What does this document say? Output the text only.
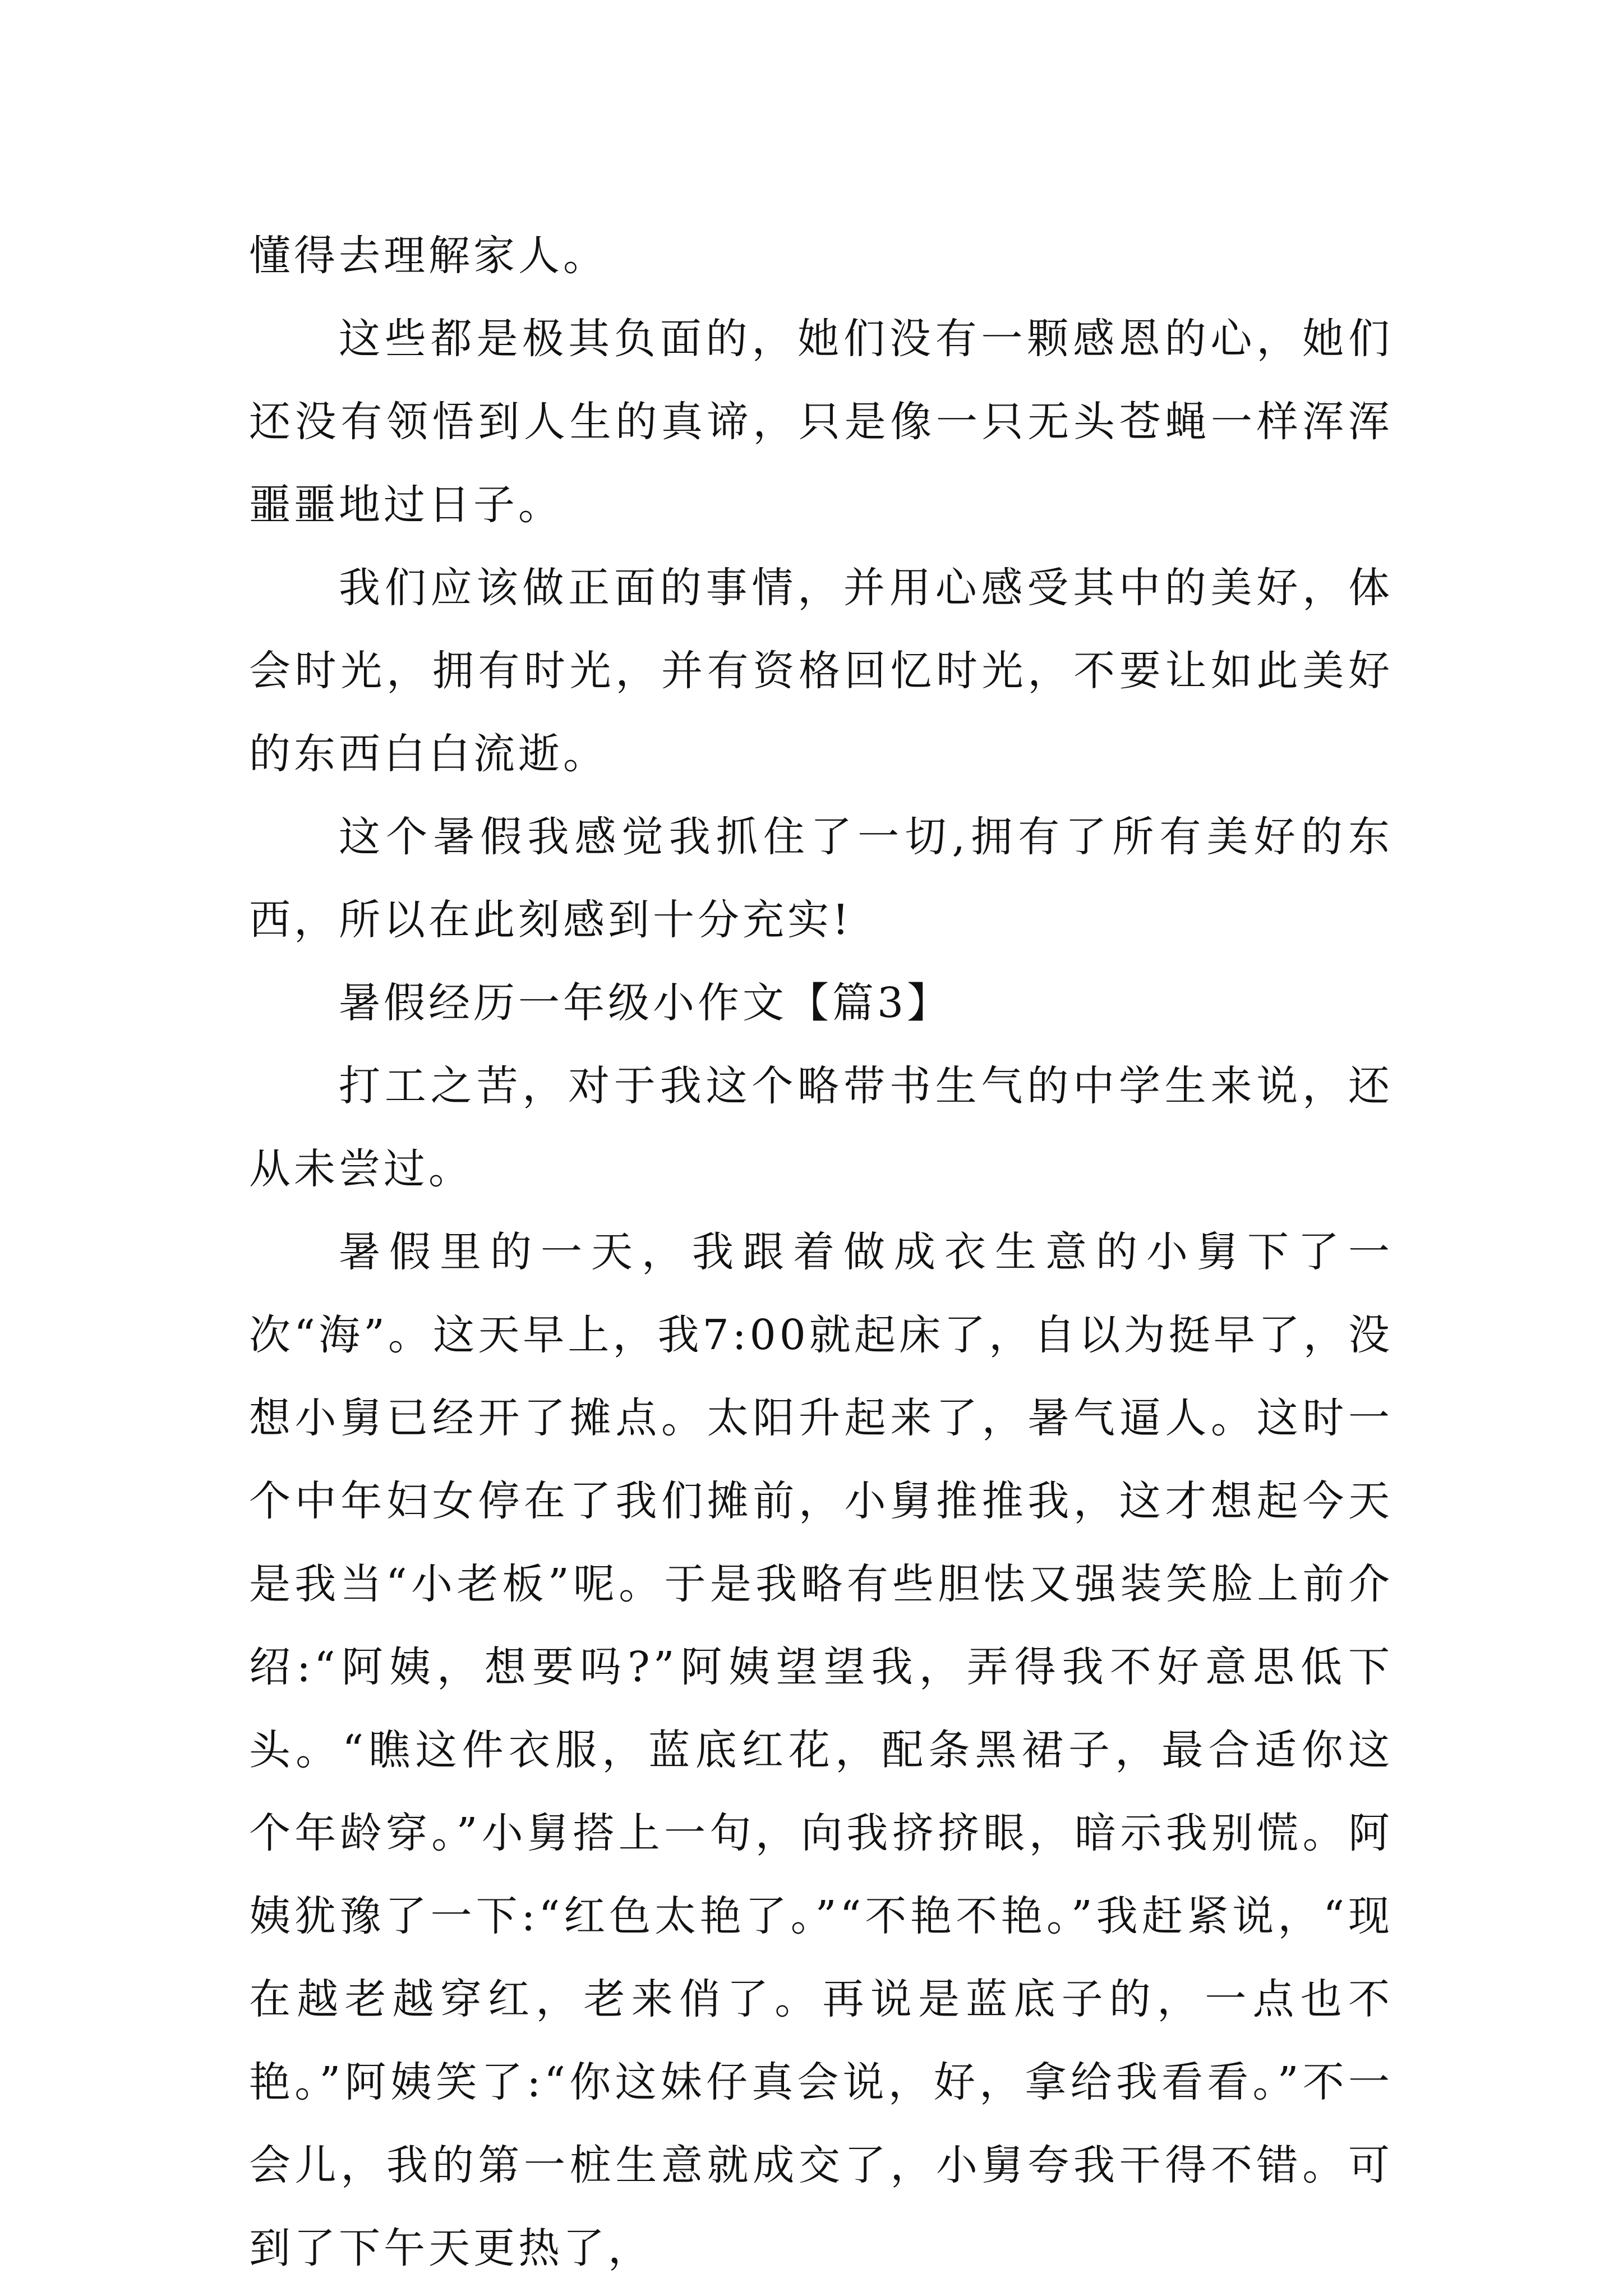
懂得去理解家人。

这些都是极其负面的，她们没有一颗感恩的心，她们还没有领悟到人生的真谛，只是像一只无头苍蝇一样浑浑噩噩地过日子。

我们应该做正面的事情，并用心感受其中的美好，体会时光，拥有时光，并有资格回忆时光，不要让如此美好的东西白白流逝。

这个暑假我感觉我抓住了一切,拥有了所有美好的东西，所以在此刻感到十分充实!

暑假经历一年级小作文【篇3】

打工之苦，对于我这个略带书生气的中学生来说，还从未尝过。

暑假里的一天，我跟着做成衣生意的小舅下了一次“海”。这天早上，我7:00就起床了，自以为挺早了，没想小舅已经开了摊点。太阳升起来了，暑气逼人。这时一个中年妇女停在了我们摊前，小舅推推我，这才想起今天是我当“小老板”呢。于是我略有些胆怯又强装笑脸上前介绍:“阿姨，想要吗?”阿姨望望我，弄得我不好意思低下头。“瞧这件衣服，蓝底红花，配条黑裙子，最合适你这个年龄穿。”小舅搭上一句，向我挤挤眼，暗示我别慌。阿姨犹豫了一下:“红色太艳了。”“不艳不艳。”我赶紧说，“现在越老越穿红，老来俏了。再说是蓝底子的，一点也不艳。”阿姨笑了:“你这妹仔真会说，好，拿给我看看。”不一会儿，我的第一桩生意就成交了，小舅夸我干得不错。可到了下午天更热了，
